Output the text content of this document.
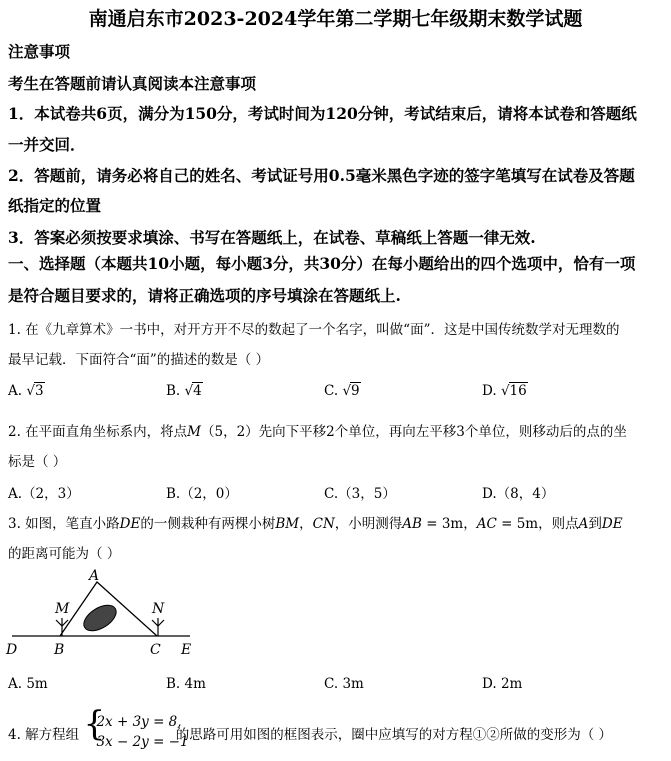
南通启东市2023-2024学年第二学期七年级期末数学试题
注意事项
考生在答题前请认真阅读本注意事项
1．本试卷共6页，满分为150分，考试时间为120分钟，考试结束后，请将本试卷和答题纸
一并交回．
2．答题前，请务必将自己的姓名、考试证号用0.5毫米黑色字迹的签字笔填写在试卷及答题
纸指定的位置
3．答案必须按要求填涂、书写在答题纸上，在试卷、草稿纸上答题一律无效.
一、选择题（本题共10小题，每小题3分，共30分）在每小题给出的四个选项中，恰有一项
是符合题目要求的，请将正确选项的序号填涂在答题纸上.
1. 在《九章算术》一书中，对开方开不尽的数起了一个名字，叫做“面”．这是中国传统数学对无理数的
最早记载．下面符合“面”的描述的数是（ ）
A. √3	B. √4	C. √9	D. √16
2. 在平面直角坐标系内，将点M（5，2）先向下平移2个单位，再向左平移3个单位，则移动后的点的坐
标是（ ）
A.（2，3）	B.（2，0）	C.（3，5）	D.（8，4）
3. 如图，笔直小路DE的一侧栽种有两棵小树BM，CN，小明测得AB = 3m，AC = 5m，则点A到DE
的距离可能为（ ）
A
M	N
D	B	C E
A. 5m	B. 4m	C. 3m	D. 2m
4. 解方程组 {
2x + 3y = 8,
3x − 2y = −1
的思路可用如图的框图表示，圈中应填写的对方程①②所做的变形为（ ）
